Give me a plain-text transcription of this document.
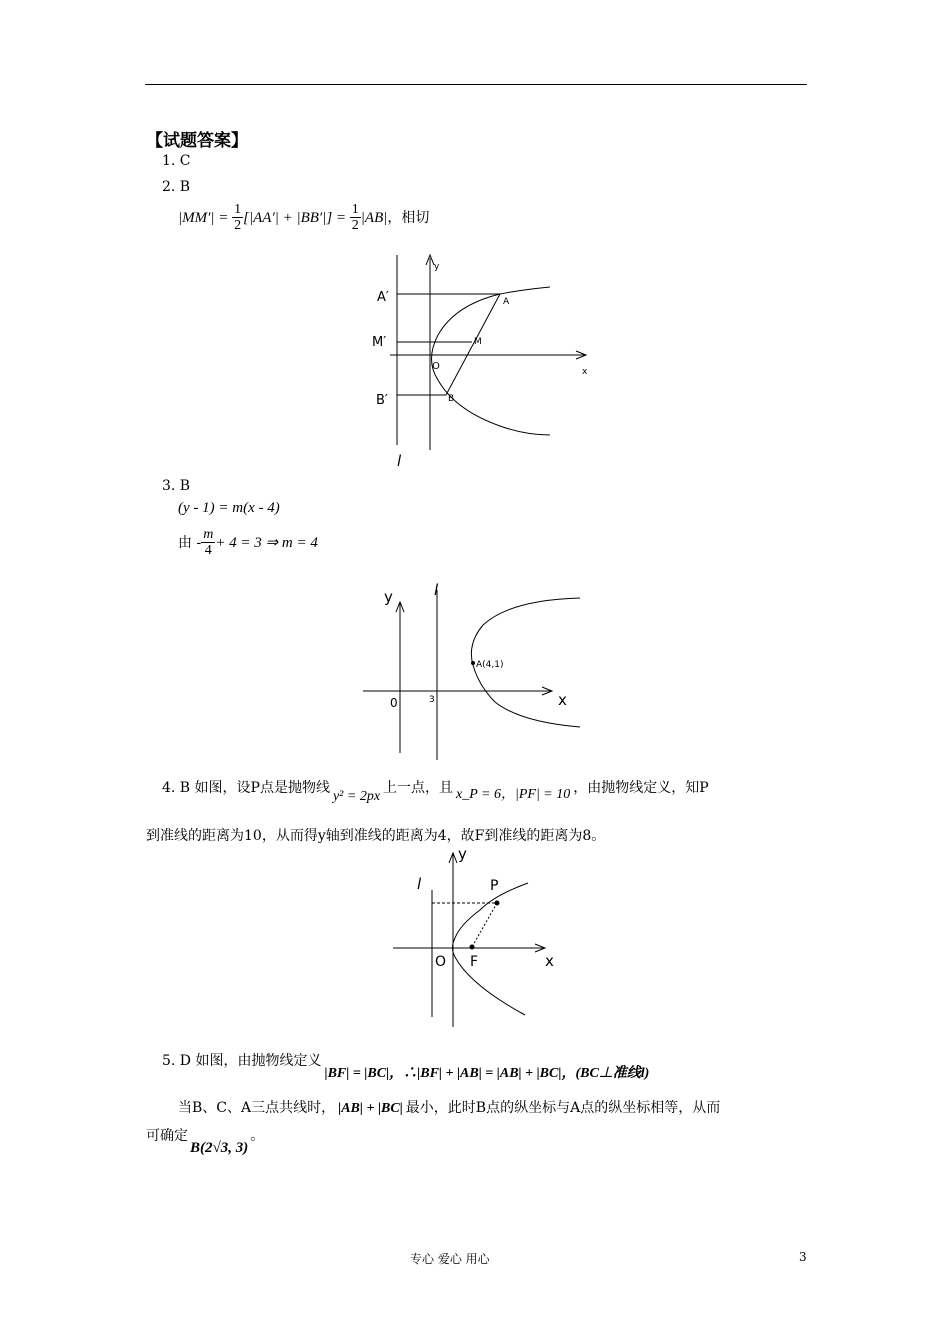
【试题答案】
1. C
2. B
$|MM'| = \frac{1}{2} [|AA'| + |BB'|] = \frac{1}{2} |AB|$，相切
A′
M′
B′
A
M
B
O	x
y
l
3. B
(y - 1) = m(x - 4)
由 - $\frac{m}{4} + 4 = 3$ ⇒ m = 4
y	l
A(4,1)
0	3	x
4. B 如图，设P点是抛物线y² = 2px上一点，且 x_P = 6，|PF| = 10 ，由抛物线定义，知P
到准线的距离为10，从而得y轴到准线的距离为4，故F到准线的距离为8。
y
l	P
O F	x
5. D 如图，由抛物线定义|BF| = |BC|，∴|BF| + |AB| = |AB| + |BC|，(BC⊥准线l)
当B、C、A三点共线时， |AB| + |BC| 最小，此时B点的纵坐标与A点的纵坐标相等，从而
可确定B(2√3, 3)。
专心 爱心 用心	3
